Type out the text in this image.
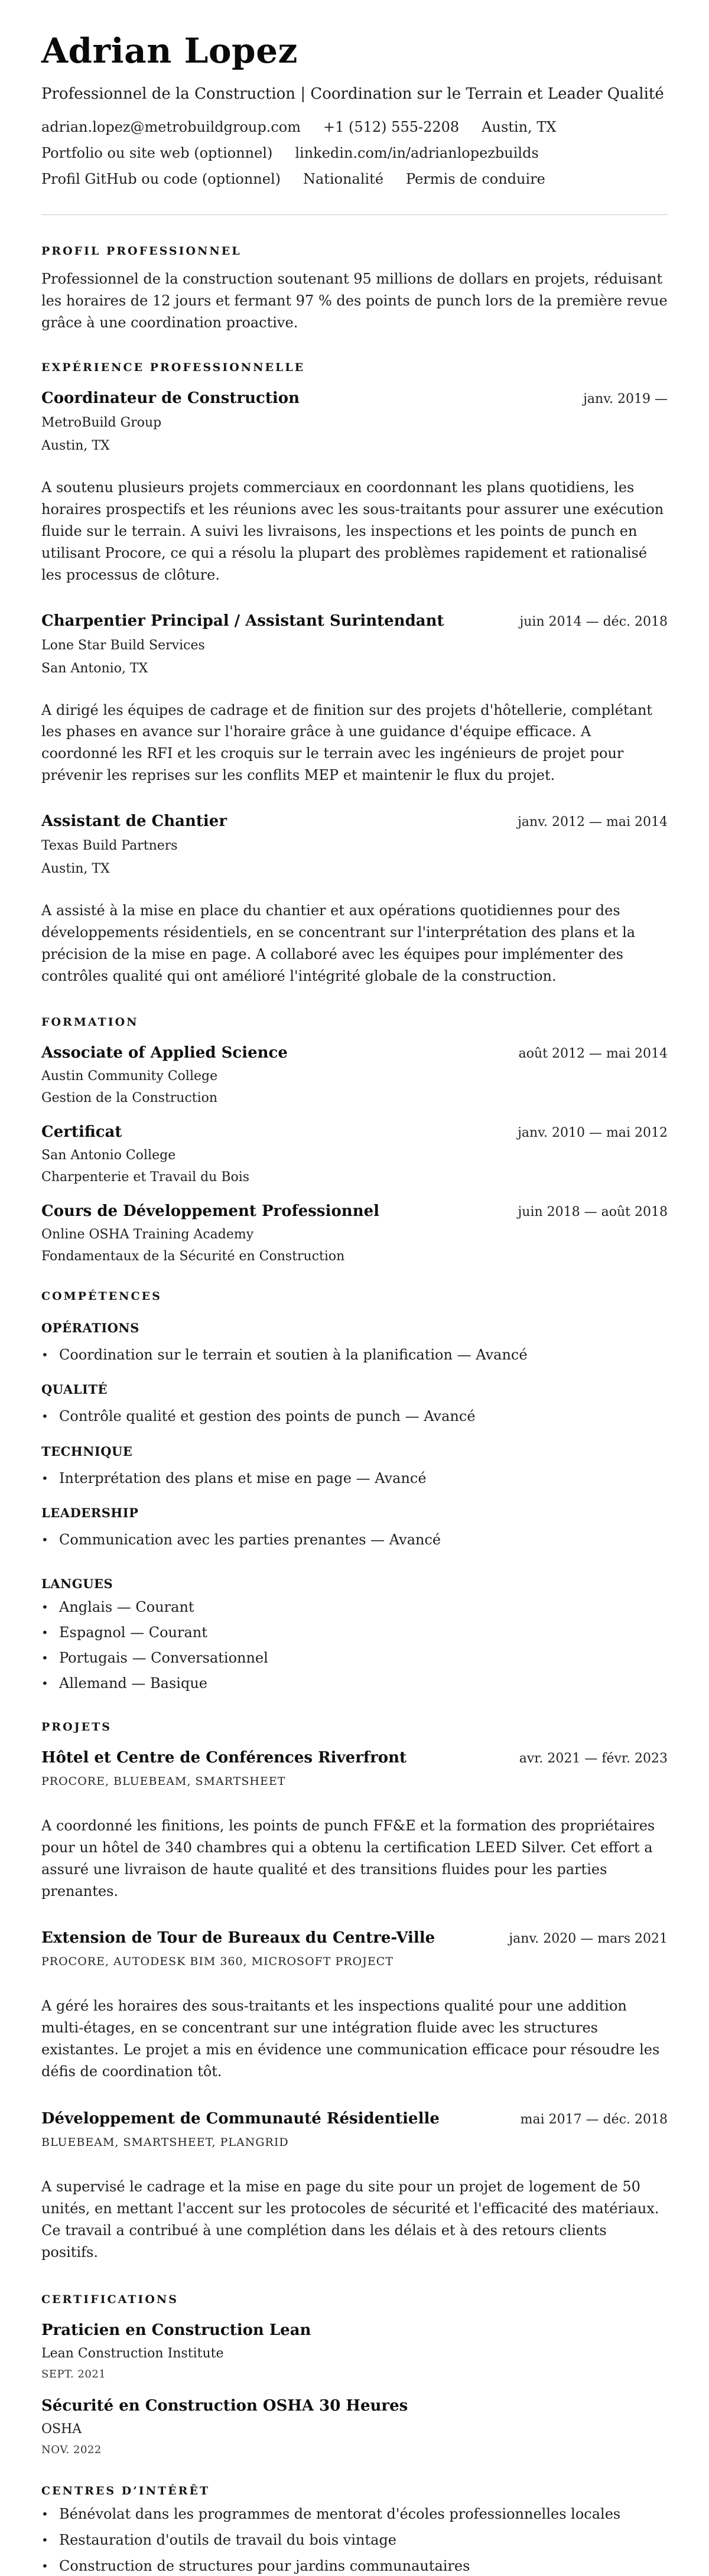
Adrian Lopez
Professionnel de la Construction | Coordination sur le Terrain et Leader Qualité
adrian.lopez@metrobuildgroup.com +1 (512) 555-2208 Austin, TX
Portfolio ou site web (optionnel) linkedin.com/in/adrianlopezbuilds
Profil GitHub ou code (optionnel) Nationalité Permis de conduire
PROFIL PROFESSIONNEL

Professionnel de la construction soutenant 95 millions de dollars en projets, réduisant les horaires de 12 jours et fermant 97 % des points de punch lors de la première revue grâce à une coordination proactive.

EXPÉRIENCE PROFESSIONNELLE
Coordinateur de Construction	janv. 2019 —
MetroBuild Group
Austin, TX

A soutenu plusieurs projets commerciaux en coordonnant les plans quotidiens, les horaires prospectifs et les réunions avec les sous-traitants pour assurer une exécution fluide sur le terrain. A suivi les livraisons, les inspections et les points de punch en utilisant Procore, ce qui a résolu la plupart des problèmes rapidement et rationalisé les processus de clôture.

Charpentier Principal / Assistant Surintendant	juin 2014 — déc. 2018
Lone Star Build Services
San Antonio, TX

A dirigé les équipes de cadrage et de finition sur des projets d'hôtellerie, complétant les phases en avance sur l'horaire grâce à une guidance d'équipe efficace. A coordonné les RFI et les croquis sur le terrain avec les ingénieurs de projet pour prévenir les reprises sur les conflits MEP et maintenir le flux du projet.

Assistant de Chantier	janv. 2012 — mai 2014
Texas Build Partners
Austin, TX

A assisté à la mise en place du chantier et aux opérations quotidiennes pour des développements résidentiels, en se concentrant sur l'interprétation des plans et la précision de la mise en page. A collaboré avec les équipes pour implémenter des contrôles qualité qui ont amélioré l'intégrité globale de la construction.

FORMATION
Associate of Applied Science	août 2012 — mai 2014
Austin Community College
Gestion de la Construction
Certificat	janv. 2010 — mai 2012
San Antonio College
Charpenterie et Travail du Bois
Cours de Développement Professionnel	juin 2018 — août 2018
Online OSHA Training Academy
Fondamentaux de la Sécurité en Construction
COMPÉTENCES
OPÉRATIONS
• Coordination sur le terrain et soutien à la planification — Avancé
QUALITÉ
• Contrôle qualité et gestion des points de punch — Avancé
TECHNIQUE
• Interprétation des plans et mise en page — Avancé
LEADERSHIP
• Communication avec les parties prenantes — Avancé
LANGUES
• Anglais — Courant
• Espagnol — Courant
• Portugais — Conversationnel
• Allemand — Basique
PROJETS
Hôtel et Centre de Conférences Riverfront	avr. 2021 — févr. 2023
PROCORE, BLUEBEAM, SMARTSHEET

A coordonné les finitions, les points de punch FF&E et la formation des propriétaires pour un hôtel de 340 chambres qui a obtenu la certification LEED Silver. Cet effort a assuré une livraison de haute qualité et des transitions fluides pour les parties prenantes.

Extension de Tour de Bureaux du Centre-Ville	janv. 2020 — mars 2021
PROCORE, AUTODESK BIM 360, MICROSOFT PROJECT

A géré les horaires des sous-traitants et les inspections qualité pour une addition multi-étages, en se concentrant sur une intégration fluide avec les structures existantes. Le projet a mis en évidence une communication efficace pour résoudre les défis de coordination tôt.

Développement de Communauté Résidentielle	mai 2017 — déc. 2018
BLUEBEAM, SMARTSHEET, PLANGRID

A supervisé le cadrage et la mise en page du site pour un projet de logement de 50 unités, en mettant l'accent sur les protocoles de sécurité et l'efficacité des matériaux. Ce travail a contribué à une complétion dans les délais et à des retours clients positifs.

CERTIFICATIONS
Praticien en Construction Lean
Lean Construction Institute
SEPT. 2021
Sécurité en Construction OSHA 30 Heures
OSHA
NOV. 2022
CENTRES D’INTÉRÊT
• Bénévolat dans les programmes de mentorat d'écoles professionnelles locales
• Restauration d'outils de travail du bois vintage
• Construction de structures pour jardins communautaires
